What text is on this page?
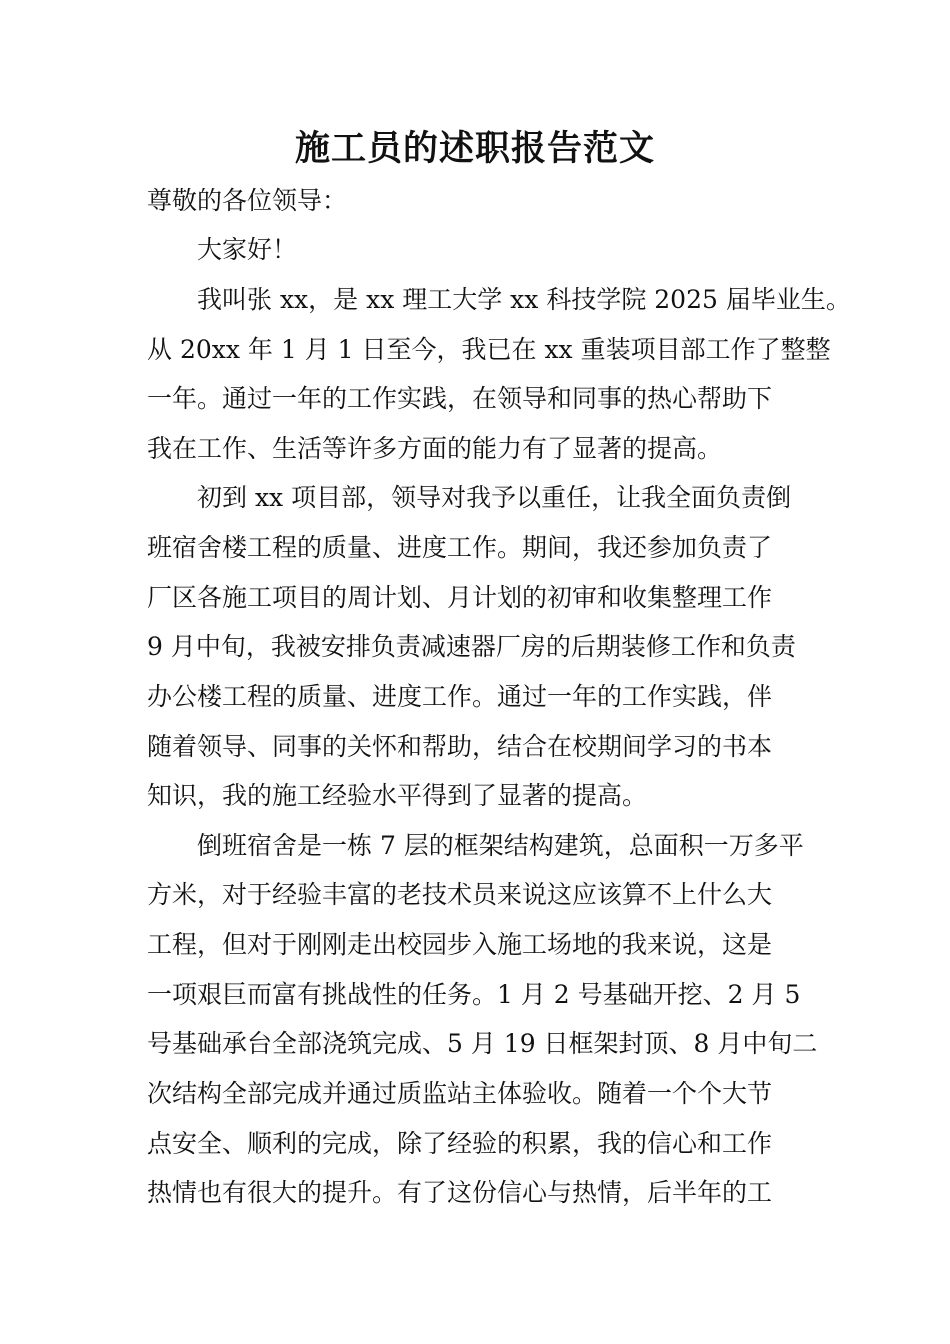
施工员的述职报告范文

尊敬的各位领导：

大家好！

我叫张 xx，是 xx 理工大学 xx 科技学院 2025 届毕业生。

从 20xx 年 1 月 1 日至今，我已在 xx 重装项目部工作了整整

一年。通过一年的工作实践，在领导和同事的热心帮助下

我在工作、生活等许多方面的能力有了显著的提高。

初到 xx 项目部，领导对我予以重任，让我全面负责倒

班宿舍楼工程的质量、进度工作。期间，我还参加负责了

厂区各施工项目的周计划、月计划的初审和收集整理工作

9 月中旬，我被安排负责减速器厂房的后期装修工作和负责

办公楼工程的质量、进度工作。通过一年的工作实践，伴

随着领导、同事的关怀和帮助，结合在校期间学习的书本

知识，我的施工经验水平得到了显著的提高。

倒班宿舍是一栋 7 层的框架结构建筑，总面积一万多平

方米，对于经验丰富的老技术员来说这应该算不上什么大

工程，但对于刚刚走出校园步入施工场地的我来说，这是

一项艰巨而富有挑战性的任务。1 月 2 号基础开挖、2 月 5

号基础承台全部浇筑完成、5 月 19 日框架封顶、8 月中旬二

次结构全部完成并通过质监站主体验收。随着一个个大节

点安全、顺利的完成，除了经验的积累，我的信心和工作

热情也有很大的提升。有了这份信心与热情，后半年的工
